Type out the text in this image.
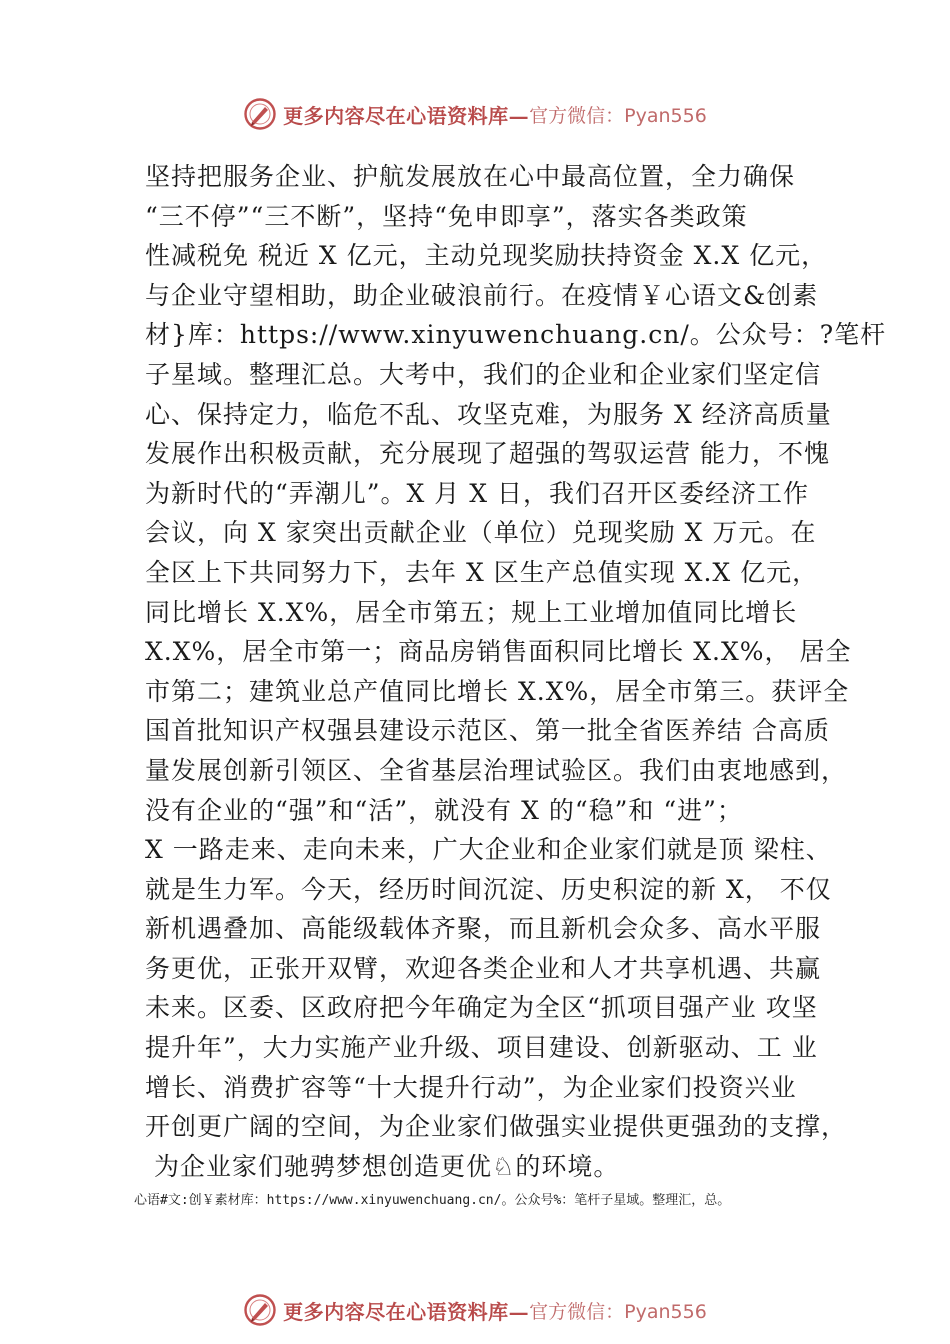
更多内容尽在心语资料库— 官方微信：Pyan556
坚持把服务企业、护航发展放在心中最高位置，全力确保
“三不停”“三不断”，坚持“免申即享”，落实各类政策
性减税免 税近 X 亿元，主动兑现奖励扶持资金 X.X 亿元，
与企业守望相助，助企业破浪前行。在疫情￥心语文&创素
材}库：https://www.xinyuwenchuang.cn/。公众号：?笔杆
子星域。整理汇总。大考中，我们的企业和企业家们坚定信
心、保持定力，临危不乱、攻坚克难，为服务 X 经济高质量
发展作出积极贡献，充分展现了超强的驾驭运营 能力，不愧
为新时代的“弄潮儿”。X 月 X 日，我们召开区委经济工作
会议，向 X 家突出贡献企业（单位）兑现奖励 X 万元。在
全区上下共同努力下，去年 X 区生产总值实现 X.X 亿元，
同比增长 X.X%，居全市第五；规上工业增加值同比增长
X.X%，居全市第一；商品房销售面积同比增长 X.X%， 居全
市第二；建筑业总产值同比增长 X.X%，居全市第三。获评全
国首批知识产权强县建设示范区、第一批全省医养结 合高质
量发展创新引领区、全省基层治理试验区。我们由衷地感到，
没有企业的“强”和“活”，就没有 X 的“稳”和 “进”；
X 一路走来、走向未来，广大企业和企业家们就是顶 梁柱、
就是生力军。今天，经历时间沉淀、历史积淀的新 X， 不仅
新机遇叠加、高能级载体齐聚，而且新机会众多、高水平服
务更优，正张开双臂，欢迎各类企业和人才共享机遇、共赢
未来。区委、区政府把今年确定为全区“抓项目强产业 攻坚
提升年”，大力实施产业升级、项目建设、创新驱动、工 业
增长、消费扩容等“十大提升行动”，为企业家们投资兴业
开创更广阔的空间，为企业家们做强实业提供更强劲的支撑，
为企业家们驰骋梦想创造更优♘的环境。
心语#文:创￥素材库：https://www.xinyuwenchuang.cn/。公众号%：笔杆子星域。整理汇，总。
更多内容尽在心语资料库— 官方微信：Pyan556
